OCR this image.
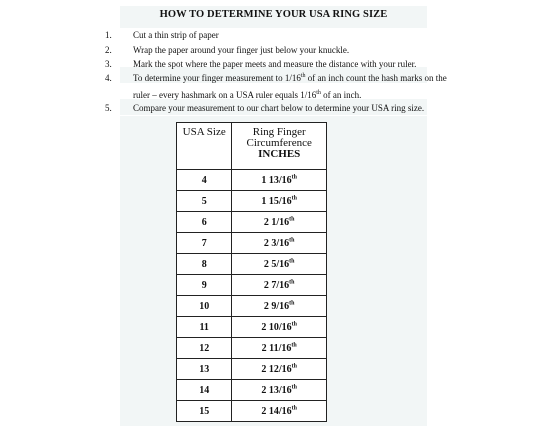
HOW TO DETERMINE YOUR USA RING SIZE
1.	Cut a thin strip of paper
2.	Wrap the paper around your finger just below your knuckle.
3.	Mark the spot where the paper meets and measure the distance with your ruler.
4.	To determine your finger measurement to 1/16th of an inch count the hash marks on the
ruler – every hashmark on a USA ruler equals 1/16th of an inch.
5.	Compare your measurement to our chart below to determine your USA ring size.
USA Size	Ring Finger
Circumference
INCHES

4	1 13/16th
5	1 15/16th
6	2 1/16th
7	2 3/16th
8	2 5/16th
9	2 7/16th
10	2 9/16th
11	2 10/16th
12	2 11/16th
13	2 12/16th
14	2 13/16th
15	2 14/16th
